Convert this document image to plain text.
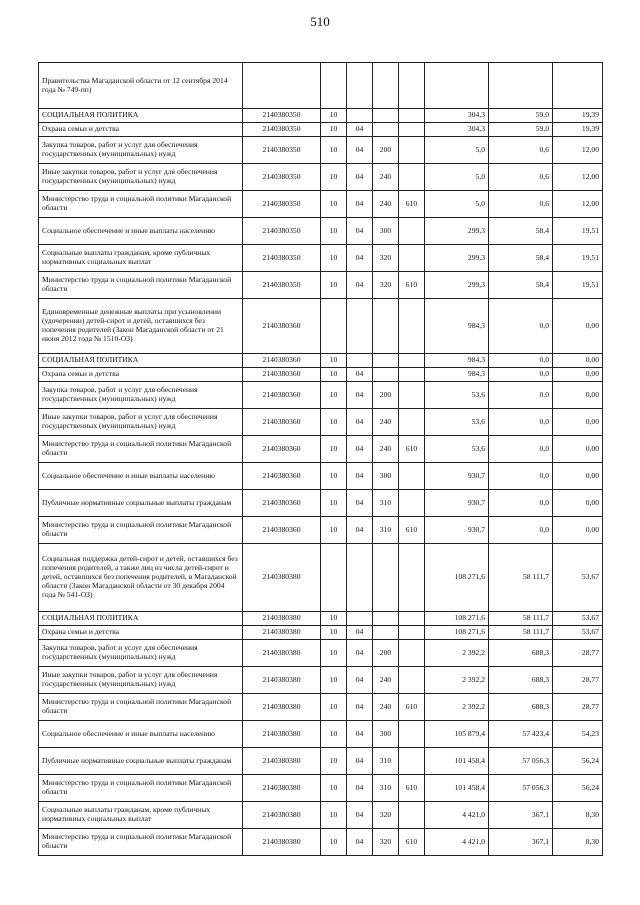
510
Правительства Магаданской области от 12 сентября 2014 года № 749-пп)								
СОЦИАЛЬНАЯ ПОЛИТИКА	2140380350	10				304,3	59,0	19,39
Охрана семьи и детства	2140380350	10	04			304,3	59,0	19,39
Закупка товаров, работ и услуг для обеспечения государственных (муниципальных) нужд	2140380350	10	04	200		5,0	0,6	12,00
Иные закупки товаров, работ и услуг для обеспечения государственных (муниципальных) нужд	2140380350	10	04	240		5,0	0,6	12,00
Министерство труда и социальной политики Магаданской области	2140380350	10	04	240	610	5,0	0,6	12,00
Социальное обеспечение и иные выплаты населению	2140380350	10	04	300		299,3	58,4	19,51
Социальные выплаты гражданам, кроме публичных нормативных социальных выплат	2140380350	10	04	320		299,3	58,4	19,51
Министерство труда и социальной политики Магаданской области	2140380350	10	04	320	610	299,3	58,4	19,51
Единовременные денежные выплаты при усыновлении (удочерении) детей-сирот и детей, оставшихся без попечения родителей (Закон Магаданской области от 21 июня 2012 года № 1510-ОЗ)	2140380360					984,3	0,0	0,00
СОЦИАЛЬНАЯ ПОЛИТИКА	2140380360	10				984,3	0,0	0,00
Охрана семьи и детства	2140380360	10	04			984,3	0,0	0,00
Закупка товаров, работ и услуг для обеспечения государственных (муниципальных) нужд	2140380360	10	04	200		53,6	0,0	0,00
Иные закупки товаров, работ и услуг для обеспечения государственных (муниципальных) нужд	2140380360	10	04	240		53,6	0,0	0,00
Министерство труда и социальной политики Магаданской области	2140380360	10	04	240	610	53,6	0,0	0,00
Социальное обеспечение и иные выплаты населению	2140380360	10	04	300		930,7	0,0	0,00
Публичные нормативные социальные выплаты гражданам	2140380360	10	04	310		930,7	0,0	0,00
Министерство труда и социальной политики Магаданской области	2140380360	10	04	310	610	930,7	0,0	0,00
Социальная поддержка детей-сирот и детей, оставшихся без попечения родителей, а также лиц из числа детей-сирот и детей, оставшихся без попечения родителей, в Магаданской области (Закон Магаданской области от 30 декабря 2004 года № 541-ОЗ)	2140380380					108 271,6	58 111,7	53,67
СОЦИАЛЬНАЯ ПОЛИТИКА	2140380380	10				108 271,6	58 111,7	53,67
Охрана семьи и детства	2140380380	10	04			108 271,6	58 111,7	53,67
Закупка товаров, работ и услуг для обеспечения государственных (муниципальных) нужд	2140380380	10	04	200		2 392,2	688,3	28,77
Иные закупки товаров, работ и услуг для обеспечения государственных (муниципальных) нужд	2140380380	10	04	240		2 392,2	688,3	28,77
Министерство труда и социальной политики Магаданской области	2140380380	10	04	240	610	2 392,2	688,3	28,77
Социальное обеспечение и иные выплаты населению	2140380380	10	04	300		105 879,4	57 423,4	54,23
Публичные нормативные социальные выплаты гражданам	2140380380	10	04	310		101 458,4	57 056,3	56,24
Министерство труда и социальной политики Магаданской области	2140380380	10	04	310	610	101 458,4	57 056,3	56,24
Социальные выплаты гражданам, кроме публичных нормативных социальных выплат	2140380380	10	04	320		4 421,0	367,1	8,30
Министерство труда и социальной политики Магаданской области	2140380380	10	04	320	610	4 421,0	367,1	8,30
